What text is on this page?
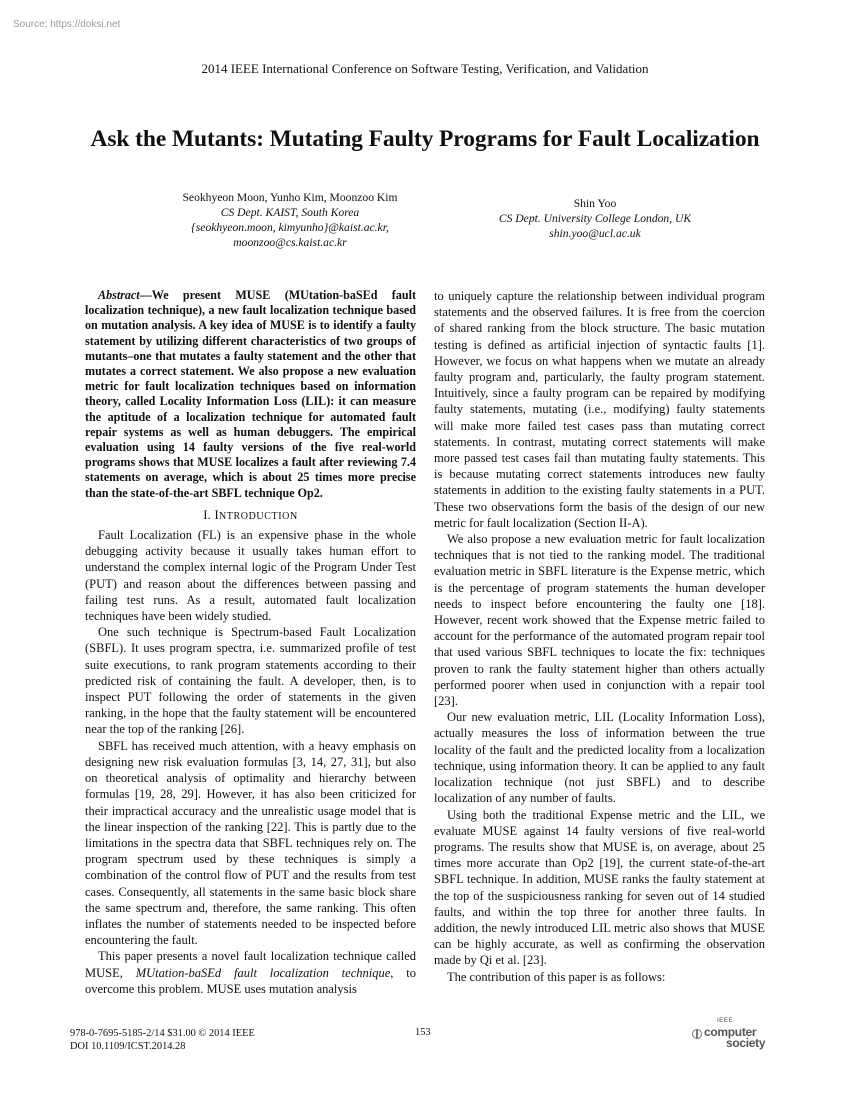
Source: https://doksi.net
2014 IEEE International Conference on Software Testing, Verification, and Validation
Ask the Mutants: Mutating Faulty Programs for Fault Localization
Seokhyeon Moon, Yunho Kim, Moonzoo Kim
CS Dept. KAIST, South Korea
{seokhyeon.moon, kimyunho}@kaist.ac.kr, moonzoo@cs.kaist.ac.kr
Shin Yoo
CS Dept. University College London, UK
shin.yoo@ucl.ac.uk

Abstract—We present MUSE (MUtation-baSEd fault localization technique), a new fault localization technique based on mutation analysis. A key idea of MUSE is to identify a faulty statement by utilizing different characteristics of two groups of mutants–one that mutates a faulty statement and the other that mutates a correct statement. We also propose a new evaluation metric for fault localization techniques based on information theory, called Locality Information Loss (LIL): it can measure the aptitude of a localization technique for automated fault repair systems as well as human debuggers. The empirical evaluation using 14 faulty versions of the five real-world programs shows that MUSE localizes a fault after reviewing 7.4 statements on average, which is about 25 times more precise than the state-of-the-art SBFL technique Op2.

I. INTRODUCTION

Fault Localization (FL) is an expensive phase in the whole debugging activity because it usually takes human effort to understand the complex internal logic of the Program Under Test (PUT) and reason about the differences between passing and failing test runs. As a result, automated fault localization techniques have been widely studied.

One such technique is Spectrum-based Fault Localization (SBFL). It uses program spectra, i.e. summarized profile of test suite executions, to rank program statements according to their predicted risk of containing the fault. A developer, then, is to inspect PUT following the order of statements in the given ranking, in the hope that the faulty statement will be encountered near the top of the ranking [26].

SBFL has received much attention, with a heavy emphasis on designing new risk evaluation formulas [3, 14, 27, 31], but also on theoretical analysis of optimality and hierarchy between formulas [19, 28, 29]. However, it has also been criticized for their impractical accuracy and the unrealistic usage model that is the linear inspection of the ranking [22]. This is partly due to the limitations in the spectra data that SBFL techniques rely on. The program spectrum used by these techniques is simply a combination of the control flow of PUT and the results from test cases. Consequently, all statements in the same basic block share the same spectrum and, therefore, the same ranking. This often inflates the number of statements needed to be inspected before encountering the fault.

This paper presents a novel fault localization technique called MUSE, MUtation-baSEd fault localization technique, to overcome this problem. MUSE uses mutation analysis

to uniquely capture the relationship between individual program statements and the observed failures. It is free from the coercion of shared ranking from the block structure. The basic mutation testing is defined as artificial injection of syntactic faults [1]. However, we focus on what happens when we mutate an already faulty program and, particularly, the faulty program statement. Intuitively, since a faulty program can be repaired by modifying faulty statements, mutating (i.e., modifying) faulty statements will make more failed test cases pass than mutating correct statements. In contrast, mutating correct statements will make more passed test cases fail than mutating faulty statements. This is because mutating correct statements introduces new faulty statements in addition to the existing faulty statements in a PUT. These two observations form the basis of the design of our new metric for fault localization (Section II-A).

We also propose a new evaluation metric for fault localization techniques that is not tied to the ranking model. The traditional evaluation metric in SBFL literature is the Expense metric, which is the percentage of program statements the human developer needs to inspect before encountering the faulty one [18]. However, recent work showed that the Expense metric failed to account for the performance of the automated program repair tool that used various SBFL techniques to locate the fix: techniques proven to rank the faulty statement higher than others actually performed poorer when used in conjunction with a repair tool [23].

Our new evaluation metric, LIL (Locality Information Loss), actually measures the loss of information between the true locality of the fault and the predicted locality from a localization technique, using information theory. It can be applied to any fault localization technique (not just SBFL) and to describe localization of any number of faults.

Using both the traditional Expense metric and the LIL, we evaluate MUSE against 14 faulty versions of five real-world programs. The results show that MUSE is, on average, about 25 times more accurate than Op2 [19], the current state-of-the-art SBFL technique. In addition, MUSE ranks the faulty statement at the top of the suspiciousness ranking for seven out of 14 studied faults, and within the top three for another three faults. In addition, the newly introduced LIL metric also shows that MUSE can be highly accurate, as well as confirming the observation made by Qi et al. [23].

The contribution of this paper is as follows:

978-0-7695-5185-2/14 $31.00 © 2014 IEEE
DOI 10.1109/ICST.2014.28
153
IEEE
computer
society
